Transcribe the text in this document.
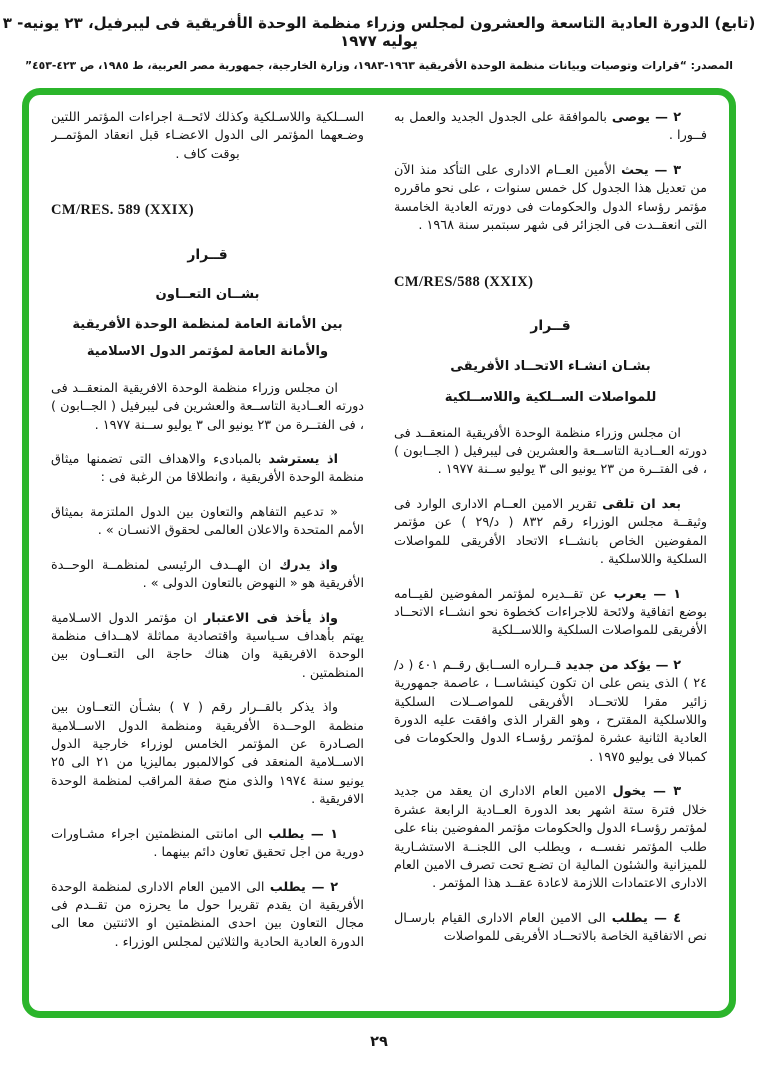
(تابع) الدورة العادية التاسعة والعشرون لمجلس وزراء منظمة الوحدة الأفريقية فى ليبرفيل، ٢٣ يونيه- ٣ يوليه ١٩٧٧
المصدر: “قرارات وتوصيات وبيانات منظمة الوحدة الأفريقية ١٩٦٣-١٩٨٣، وزارة الخارجية، جمهورية مصر العربية، ط ١٩٨٥، ص ٤٢٣-٤٥٣”

٢ — يوصى بالموافقة على الجدول الجديد والعمل به فــورا .

٣ — يحث الأمين العــام الادارى على التأكد منذ الآن من تعديل هذا الجدول كل خمس سنوات ، على نحو ماقرره مؤتمر رؤساء الدول والحكومات فى دورته العادية الخامسة التى انعقــدت فى الجزائر فى شهر سبتمبر سنة ١٩٦٨ .

CM/RES/588 (XXIX)
قــرار
بشـان انشـاء الاتحــاد الأفريقى
للمواصلات الســلكية واللاســلكية

ان مجلس وزراء منظمة الوحدة الأفريقية المنعقــد فى دورته العــادية التاســعة والعشرين فى ليبرفيل ( الجــابون ) ، فى الفتــرة من ٢٣ يونيو الى ٣ يوليو ســنة ١٩٧٧ .

بعد ان تلقى تقرير الامين العــام الادارى الوارد فى وثيقــة مجلس الوزراء رقم ٨٣٢ ( د/٢٩ ) عن مؤتمر المفوضين الخاص بانشــاء الاتحاد الأفريقى للمواصلات السلكية واللاسلكية .

١ — يعرب عن تقــديره لمؤتمر المفوضين لقيــامه بوضع اتفاقية ولائحة للاجراءات كخطوة نحو انشــاء الاتحــاد الأفريقى للمواصلات السلكية واللاســلكية

٢ — يؤكد من جديد قــراره الســابق رقــم ٤٠١ ( د/٢٤ ) الذى ينص على ان تكون كينشاســا ، عاصمة جمهورية زائير مقرا للاتحــاد الأفريقى للمواصــلات السلكية واللاسلكية المقترح ، وهو القرار الذى وافقت عليه الدورة العادية الثانية عشرة لمؤتمر رؤسـاء الدول والحكومات فى كمبالا فى يوليو ١٩٧٥ .

٣ — يخول الامين العام الادارى ان يعقد من جديد خلال فترة ستة اشهر بعد الدورة العــادية الرابعة عشرة لمؤتمر رؤسـاء الدول والحكومات مؤتمر المفوضين بناء على طلب المؤتمر نفســه ، ويطلب الى اللجنــة الاستشـارية للميزانية والشئون المالية ان تضـع تحت تصرف الامين العام الادارى الاعتمادات اللازمة لاعادة عقــد هذا المؤتمر .

٤ — يطلب الى الامين العام الادارى القيام بارسـال نص الاتفاقية الخاصة بالاتحــاد الأفريقى للمواصلات

الســلكية واللاسـلكية وكذلك لائحــة اجراءات المؤتمر اللتين وضـعهما المؤتمر الى الدول الاعضـاء قبل انعقاد المؤتمــر بوقت كاف .

CM/RES. 589 (XXIX)
قــرار
بشــان التعــاون
بين الأمانة العامة لمنظمة الوحدة الأفريقية
والأمانة العامة لمؤتمر الدول الاسلامية

ان مجلس وزراء منظمة الوحدة الافريقية المنعقــد فى دورته العــادية التاســعة والعشرين فى ليبرفيل ( الجــابون ) ، فى الفتــرة من ٢٣ يونيو الى ٣ يوليو ســنة ١٩٧٧ .

اذ يسترشد بالمبادىء والاهداف التى تضمنها ميثاق منظمة الوحدة الأفريقية ، وانطلاقا من الرغبة فى :

« تدعيم التفاهم والتعاون بين الدول الملتزمة بميثاق الأمم المتحدة والاعلان العالمى لحقوق الانسـان » .

واذ يدرك ان الهــدف الرئيسى لمنظمــة الوحــدة الأفريقية هو « النهوض بالتعاون الدولى » .

واذ يأخذ فى الاعتبار ان مؤتمر الدول الاسـلامية يهتم بأهداف سـياسية واقتصادية مماثلة لاهــداف منظمة الوحدة الافريقية وان هناك حاجة الى التعــاون بين المنظمتين .

واذ يذكر بالقــرار رقم ( ٧ ) بشـأن التعــاون بين منظمة الوحــدة الأفريقية ومنظمة الدول الاســلامية الصـادرة عن المؤتمر الخامس لوزراء خارجية الدول الاســلامية المنعقد فى كوالالمبور بماليزيا من ٢١ الى ٢٥ يونيو سنة ١٩٧٤ والذى منح صفة المراقب لمنظمة الوحدة الافريقية .

١ — يطلب الى امانتى المنظمتين اجراء مشـاورات دورية من اجل تحقيق تعاون دائم بينهما .

٢ — يطلب الى الامين العام الادارى لمنظمة الوحدة الأفريقية ان يقدم تقريرا حول ما يحرزه من تقــدم فى مجال التعاون بين احدى المنظمتين او الاثنتين معا الى الدورة العادية الحادية والثلاثين لمجلس الوزراء .

٢٩
